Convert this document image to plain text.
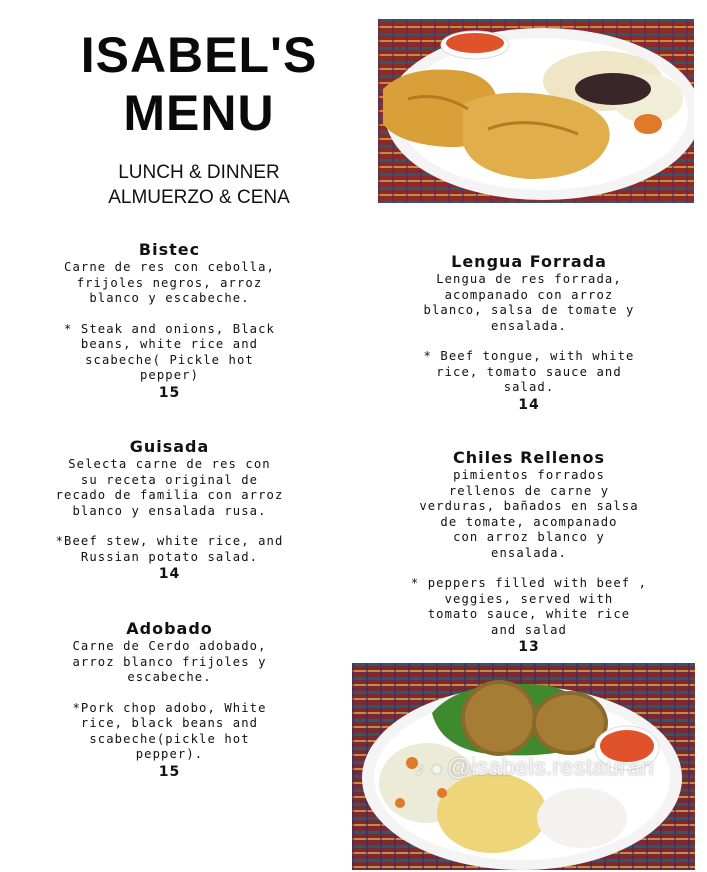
ISABEL'S
MENU
LUNCH & DINNER
ALMUERZO & CENA
Bistec
Carne de res con cebolla,
frijoles negros, arroz
blanco y escabeche.
* Steak and onions, Black
beans, white rice and
scabeche( Pickle hot
pepper)
15
Guisada
Selecta carne de res con
su receta original de
recado de familia con arroz
blanco y ensalada rusa.
*Beef stew, white rice, and
Russian potato salad.
14
Adobado
Carne de Cerdo adobado,
arroz blanco frijoles y
escabeche.
*Pork chop adobo, White
rice, black beans and
scabeche(pickle hot
pepper).
15
Lengua Forrada
Lengua de res forrada,
acompanado con arroz
blanco, salsa de tomate y
ensalada.
* Beef tongue, with white
rice, tomato sauce and
salad.
14
Chiles Rellenos
pimientos forrados
rellenos de carne y
verduras, bañados en salsa
de tomate, acompanado
con arroz blanco y
ensalada.
* peppers filled with beef ,
veggies, served with
tomato sauce, white rice
and salad
13
♪ ● @isabels.restauran
